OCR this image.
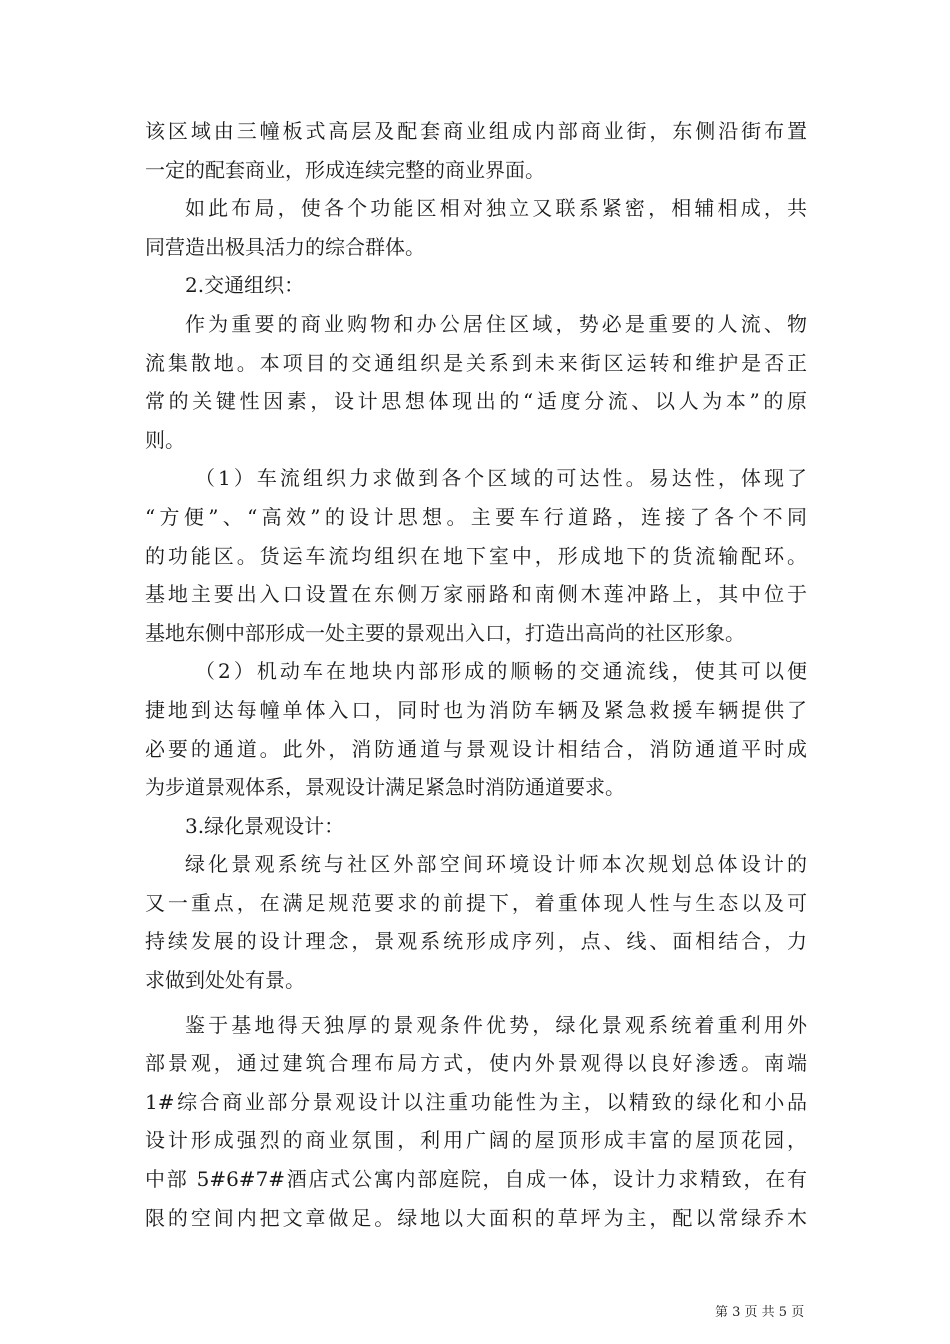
该区域由三幢板式高层及配套商业组成内部商业街，东侧沿街布置
一定的配套商业，形成连续完整的商业界面。
如此布局，使各个功能区相对独立又联系紧密，相辅相成，共
同营造出极具活力的综合群体。
2.交通组织：
作为重要的商业购物和办公居住区域，势必是重要的人流、物
流集散地。本项目的交通组织是关系到未来街区运转和维护是否正
常的关键性因素，设计思想体现出的“适度分流、以人为本”的原
则。
（1）车流组织力求做到各个区域的可达性。易达性，体现了
“方便”、“高效”的设计思想。主要车行道路，连接了各个不同
的功能区。货运车流均组织在地下室中，形成地下的货流输配环。
基地主要出入口设置在东侧万家丽路和南侧木莲冲路上，其中位于
基地东侧中部形成一处主要的景观出入口，打造出高尚的社区形象。
（2）机动车在地块内部形成的顺畅的交通流线，使其可以便
捷地到达每幢单体入口，同时也为消防车辆及紧急救援车辆提供了
必要的通道。此外，消防通道与景观设计相结合，消防通道平时成
为步道景观体系，景观设计满足紧急时消防通道要求。
3.绿化景观设计：
绿化景观系统与社区外部空间环境设计师本次规划总体设计的
又一重点，在满足规范要求的前提下，着重体现人性与生态以及可
持续发展的设计理念，景观系统形成序列，点、线、面相结合，力
求做到处处有景。
鉴于基地得天独厚的景观条件优势，绿化景观系统着重利用外
部景观，通过建筑合理布局方式，使内外景观得以良好渗透。南端
1#综合商业部分景观设计以注重功能性为主，以精致的绿化和小品
设计形成强烈的商业氛围，利用广阔的屋顶形成丰富的屋顶花园，
中部 5#6#7#酒店式公寓内部庭院，自成一体，设计力求精致，在有
限的空间内把文章做足。绿地以大面积的草坪为主，配以常绿乔木
第 3 页 共 5 页
